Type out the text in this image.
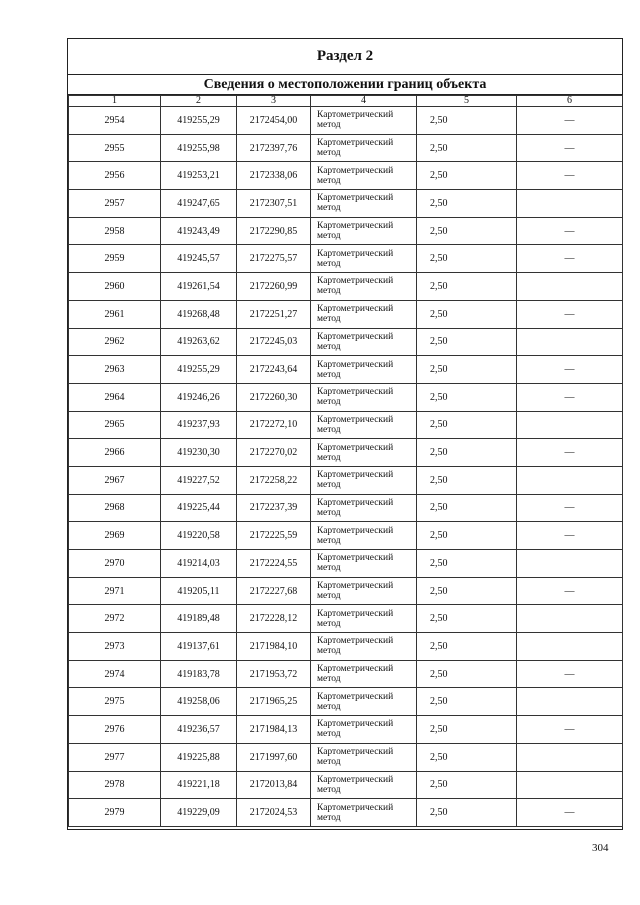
Раздел 2
Сведения о местоположении границ объекта
1	2	3	4	5	6
2954	419255,29	2172454,00	Картометрический метод	2,50	—
2955	419255,98	2172397,76	Картометрический метод	2,50	—
2956	419253,21	2172338,06	Картометрический метод	2,50	—
2957	419247,65	2172307,51	Картометрический метод	2,50	
2958	419243,49	2172290,85	Картометрический метод	2,50	—
2959	419245,57	2172275,57	Картометрический метод	2,50	—
2960	419261,54	2172260,99	Картометрический метод	2,50	
2961	419268,48	2172251,27	Картометрический метод	2,50	—
2962	419263,62	2172245,03	Картометрический метод	2,50	
2963	419255,29	2172243,64	Картометрический метод	2,50	—
2964	419246,26	2172260,30	Картометрический метод	2,50	—
2965	419237,93	2172272,10	Картометрический метод	2,50	
2966	419230,30	2172270,02	Картометрический метод	2,50	—
2967	419227,52	2172258,22	Картометрический метод	2,50	
2968	419225,44	2172237,39	Картометрический метод	2,50	—
2969	419220,58	2172225,59	Картометрический метод	2,50	—
2970	419214,03	2172224,55	Картометрический метод	2,50	
2971	419205,11	2172227,68	Картометрический метод	2,50	—
2972	419189,48	2172228,12	Картометрический метод	2,50	
2973	419137,61	2171984,10	Картометрический метод	2,50	
2974	419183,78	2171953,72	Картометрический метод	2,50	—
2975	419258,06	2171965,25	Картометрический метод	2,50	
2976	419236,57	2171984,13	Картометрический метод	2,50	—
2977	419225,88	2171997,60	Картометрический метод	2,50	
2978	419221,18	2172013,84	Картометрический метод	2,50	
2979	419229,09	2172024,53	Картометрический метод	2,50	—
304
